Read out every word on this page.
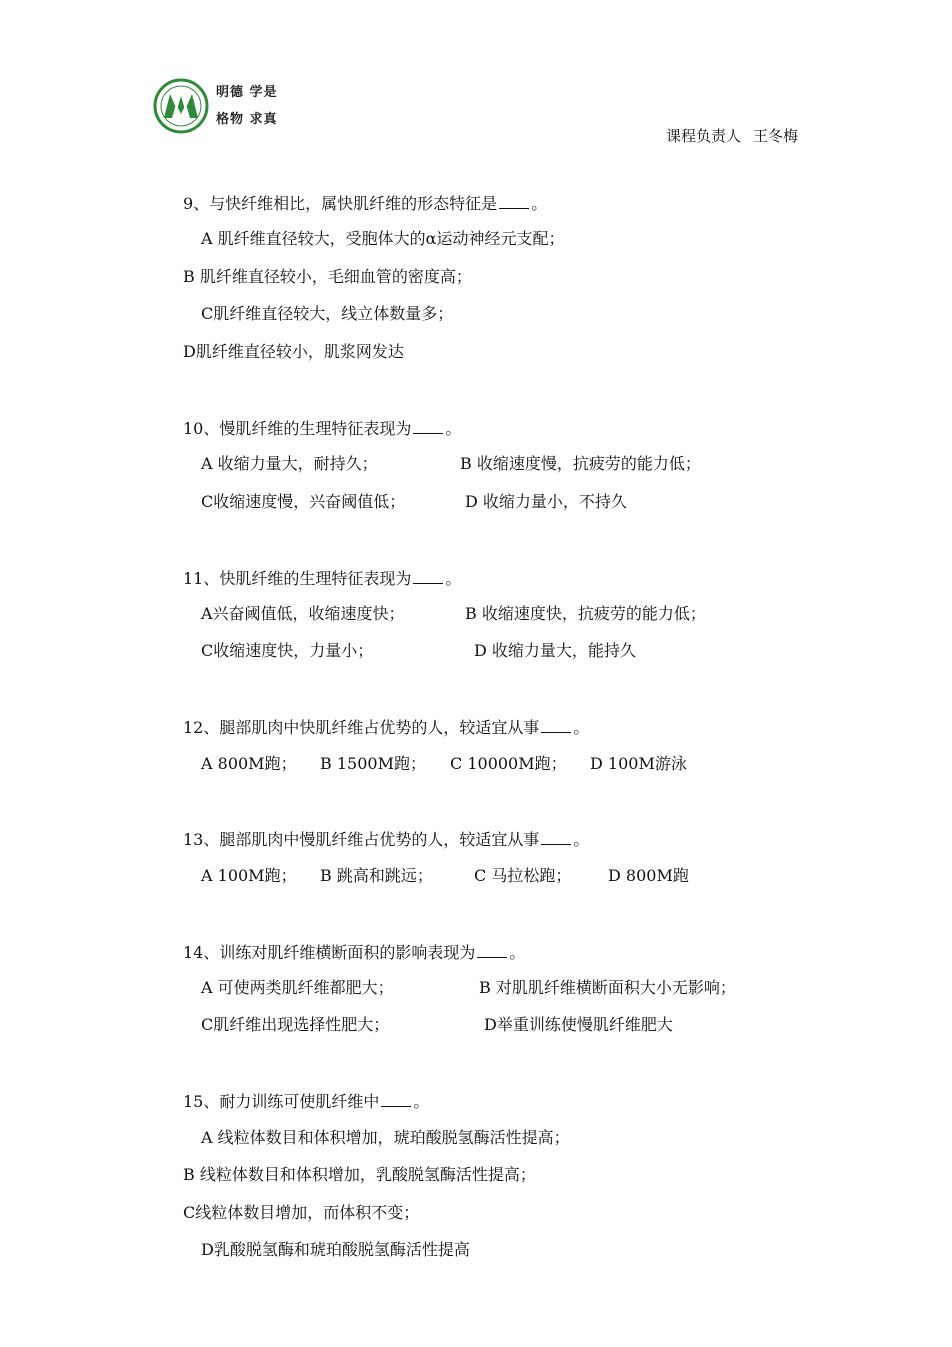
明德 学是
格物 求真
课程负责人 王冬梅
9、与快纤维相比，属快肌纤维的形态特征是 。
A 肌纤维直径较大，受胞体大的α运动神经元支配；
B 肌纤维直径较小，毛细血管的密度高；
C肌纤维直径较大，线立体数量多；
D肌纤维直径较小，肌浆网发达
10、慢肌纤维的生理特征表现为 。
A 收缩力量大，耐持久；	B 收缩速度慢，抗疲劳的能力低；
C收缩速度慢，兴奋阈值低；	D 收缩力量小，不持久
11、快肌纤维的生理特征表现为 。
A兴奋阈值低，收缩速度快；	B 收缩速度快，抗疲劳的能力低；
C收缩速度快，力量小；	D 收缩力量大，能持久
12、腿部肌肉中快肌纤维占优势的人，较适宜从事 。
A 800M跑； B 1500M跑； C 10000M跑； D 100M游泳
13、腿部肌肉中慢肌纤维占优势的人，较适宜从事 。
A 100M跑； B 跳高和跳远；	C 马拉松跑； D 800M跑
14、训练对肌纤维横断面积的影响表现为 。
A 可使两类肌纤维都肥大；	B 对肌肌纤维横断面积大小无影响；
C肌纤维出现选择性肥大；	D举重训练使慢肌纤维肥大
15、耐力训练可使肌纤维中 。
A 线粒体数目和体积增加，琥珀酸脱氢酶活性提高；
B 线粒体数目和体积增加，乳酸脱氢酶活性提高；
C线粒体数目增加，而体积不变；
D乳酸脱氢酶和琥珀酸脱氢酶活性提高
